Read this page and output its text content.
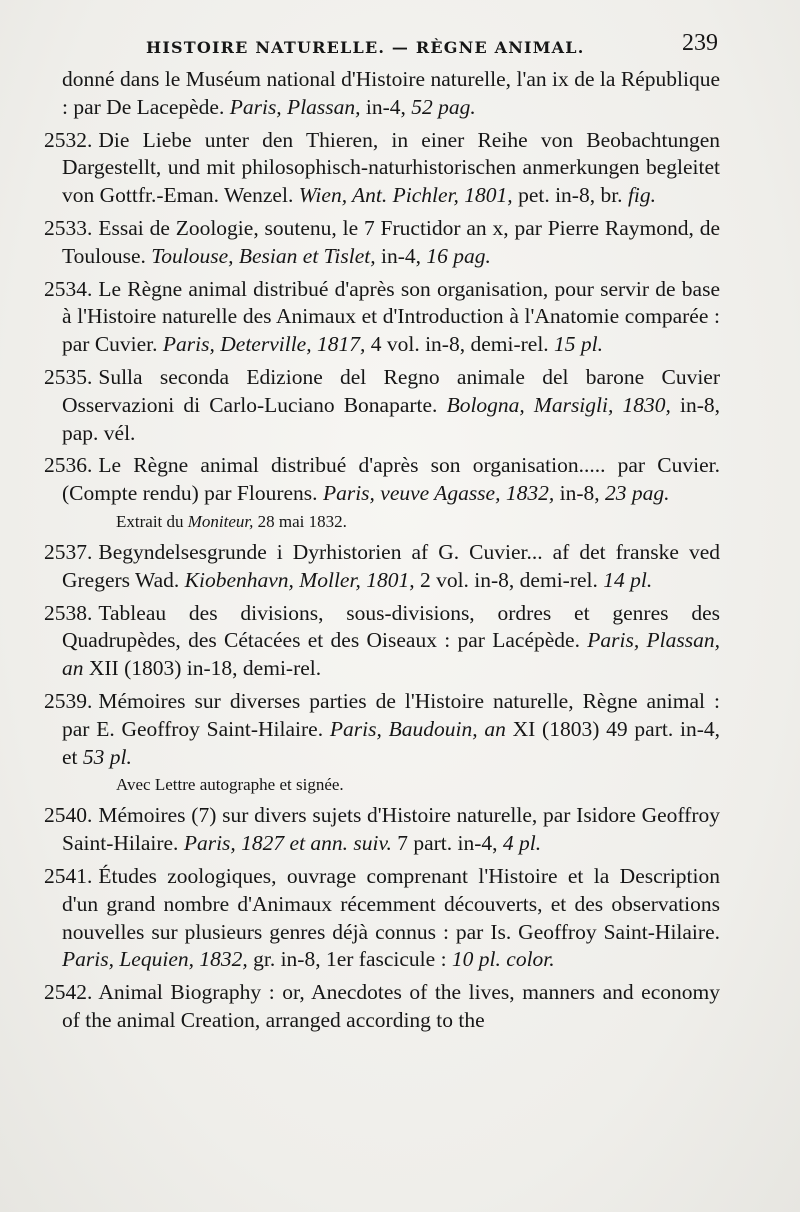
HISTOIRE NATURELLE. — RÈGNE ANIMAL.	239

donné dans le Muséum national d'Histoire naturelle, l'an ix de la République : par De Lacepède. Paris, Plassan, in-4, 52 pag.

2532. Die Liebe unter den Thieren, in einer Reihe von Beobachtungen Dargestellt, und mit philosophisch-naturhistorischen anmerkungen begleitet von Gottfr.-Eman. Wenzel. Wien, Ant. Pichler, 1801, pet. in-8, br. fig.

2533. Essai de Zoologie, soutenu, le 7 Fructidor an x, par Pierre Raymond, de Toulouse. Toulouse, Besian et Tislet, in-4, 16 pag.

2534. Le Règne animal distribué d'après son organisation, pour servir de base à l'Histoire naturelle des Animaux et d'Introduction à l'Anatomie comparée : par Cuvier. Paris, Deterville, 1817, 4 vol. in-8, demi-rel. 15 pl.

2535. Sulla seconda Edizione del Regno animale del barone Cuvier Osservazioni di Carlo-Luciano Bonaparte. Bologna, Marsigli, 1830, in-8, pap. vél.

2536. Le Règne animal distribué d'après son organisation..... par Cuvier. (Compte rendu) par Flourens. Paris, veuve Agasse, 1832, in-8, 23 pag.

Extrait du Moniteur, 28 mai 1832.

2537. Begyndelsesgrunde i Dyrhistorien af G. Cuvier... af det franske ved Gregers Wad. Kiobenhavn, Moller, 1801, 2 vol. in-8, demi-rel. 14 pl.

2538. Tableau des divisions, sous-divisions, ordres et genres des Quadrupèdes, des Cétacées et des Oiseaux : par Lacépède. Paris, Plassan, an XII (1803) in-18, demi-rel.

2539. Mémoires sur diverses parties de l'Histoire naturelle, Règne animal : par E. Geoffroy Saint-Hilaire. Paris, Baudouin, an XI (1803) 49 part. in-4, et 53 pl.

Avec Lettre autographe et signée.

2540. Mémoires (7) sur divers sujets d'Histoire naturelle, par Isidore Geoffroy Saint-Hilaire. Paris, 1827 et ann. suiv. 7 part. in-4, 4 pl.

2541. Études zoologiques, ouvrage comprenant l'Histoire et la Description d'un grand nombre d'Animaux récemment découverts, et des observations nouvelles sur plusieurs genres déjà connus : par Is. Geoffroy Saint-Hilaire. Paris, Lequien, 1832, gr. in-8, 1er fascicule : 10 pl. color.

2542. Animal Biography : or, Anecdotes of the lives, manners and economy of the animal Creation, arranged according to the
